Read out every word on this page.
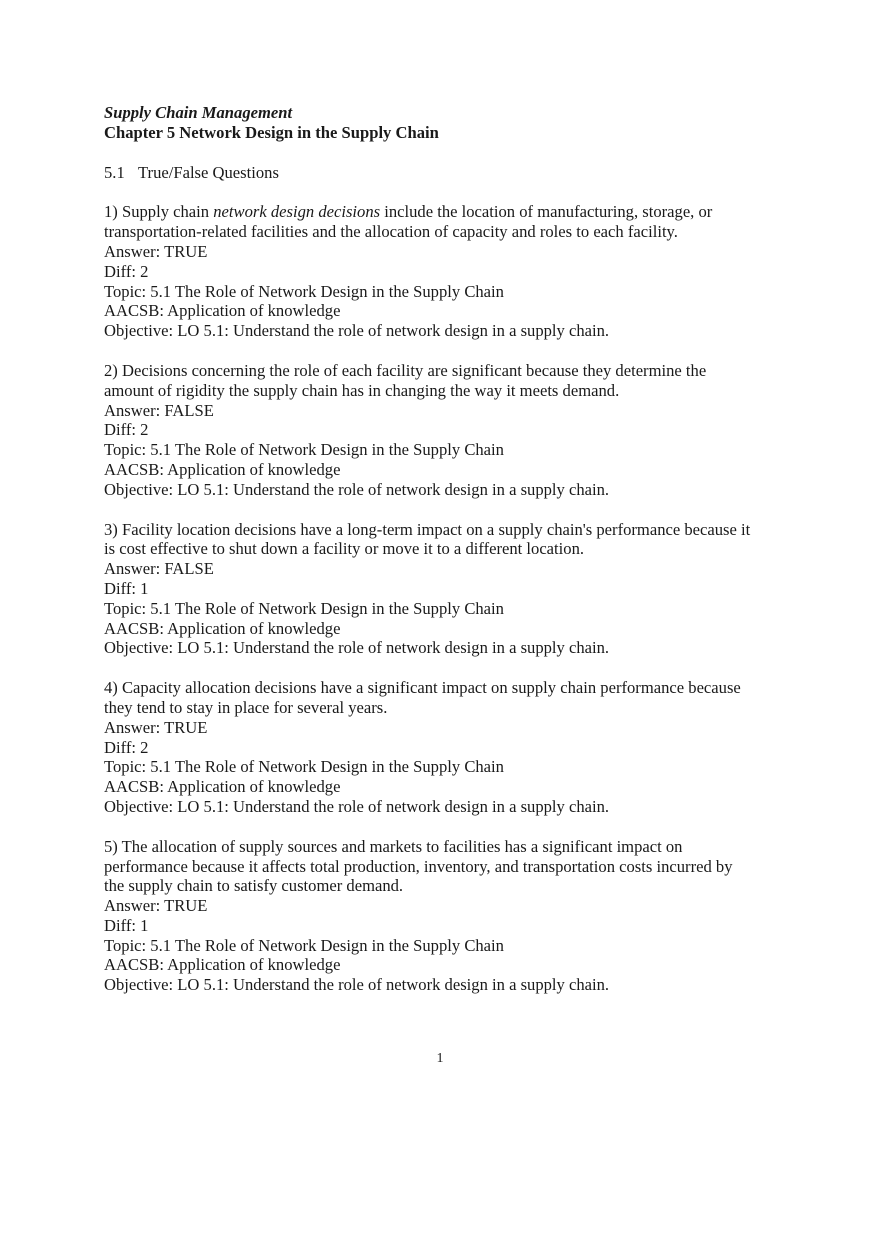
Supply Chain Management
Chapter 5 Network Design in the Supply Chain
5.1 True/False Questions
1) Supply chain network design decisions include the location of manufacturing, storage, or
transportation-related facilities and the allocation of capacity and roles to each facility.
Answer: TRUE
Diff: 2
Topic: 5.1 The Role of Network Design in the Supply Chain
AACSB: Application of knowledge
Objective: LO 5.1: Understand the role of network design in a supply chain.
2) Decisions concerning the role of each facility are significant because they determine the
amount of rigidity the supply chain has in changing the way it meets demand.
Answer: FALSE
Diff: 2
Topic: 5.1 The Role of Network Design in the Supply Chain
AACSB: Application of knowledge
Objective: LO 5.1: Understand the role of network design in a supply chain.
3) Facility location decisions have a long-term impact on a supply chain's performance because it
is cost effective to shut down a facility or move it to a different location.
Answer: FALSE
Diff: 1
Topic: 5.1 The Role of Network Design in the Supply Chain
AACSB: Application of knowledge
Objective: LO 5.1: Understand the role of network design in a supply chain.
4) Capacity allocation decisions have a significant impact on supply chain performance because
they tend to stay in place for several years.
Answer: TRUE
Diff: 2
Topic: 5.1 The Role of Network Design in the Supply Chain
AACSB: Application of knowledge
Objective: LO 5.1: Understand the role of network design in a supply chain.
5) The allocation of supply sources and markets to facilities has a significant impact on
performance because it affects total production, inventory, and transportation costs incurred by
the supply chain to satisfy customer demand.
Answer: TRUE
Diff: 1
Topic: 5.1 The Role of Network Design in the Supply Chain
AACSB: Application of knowledge
Objective: LO 5.1: Understand the role of network design in a supply chain.
1
